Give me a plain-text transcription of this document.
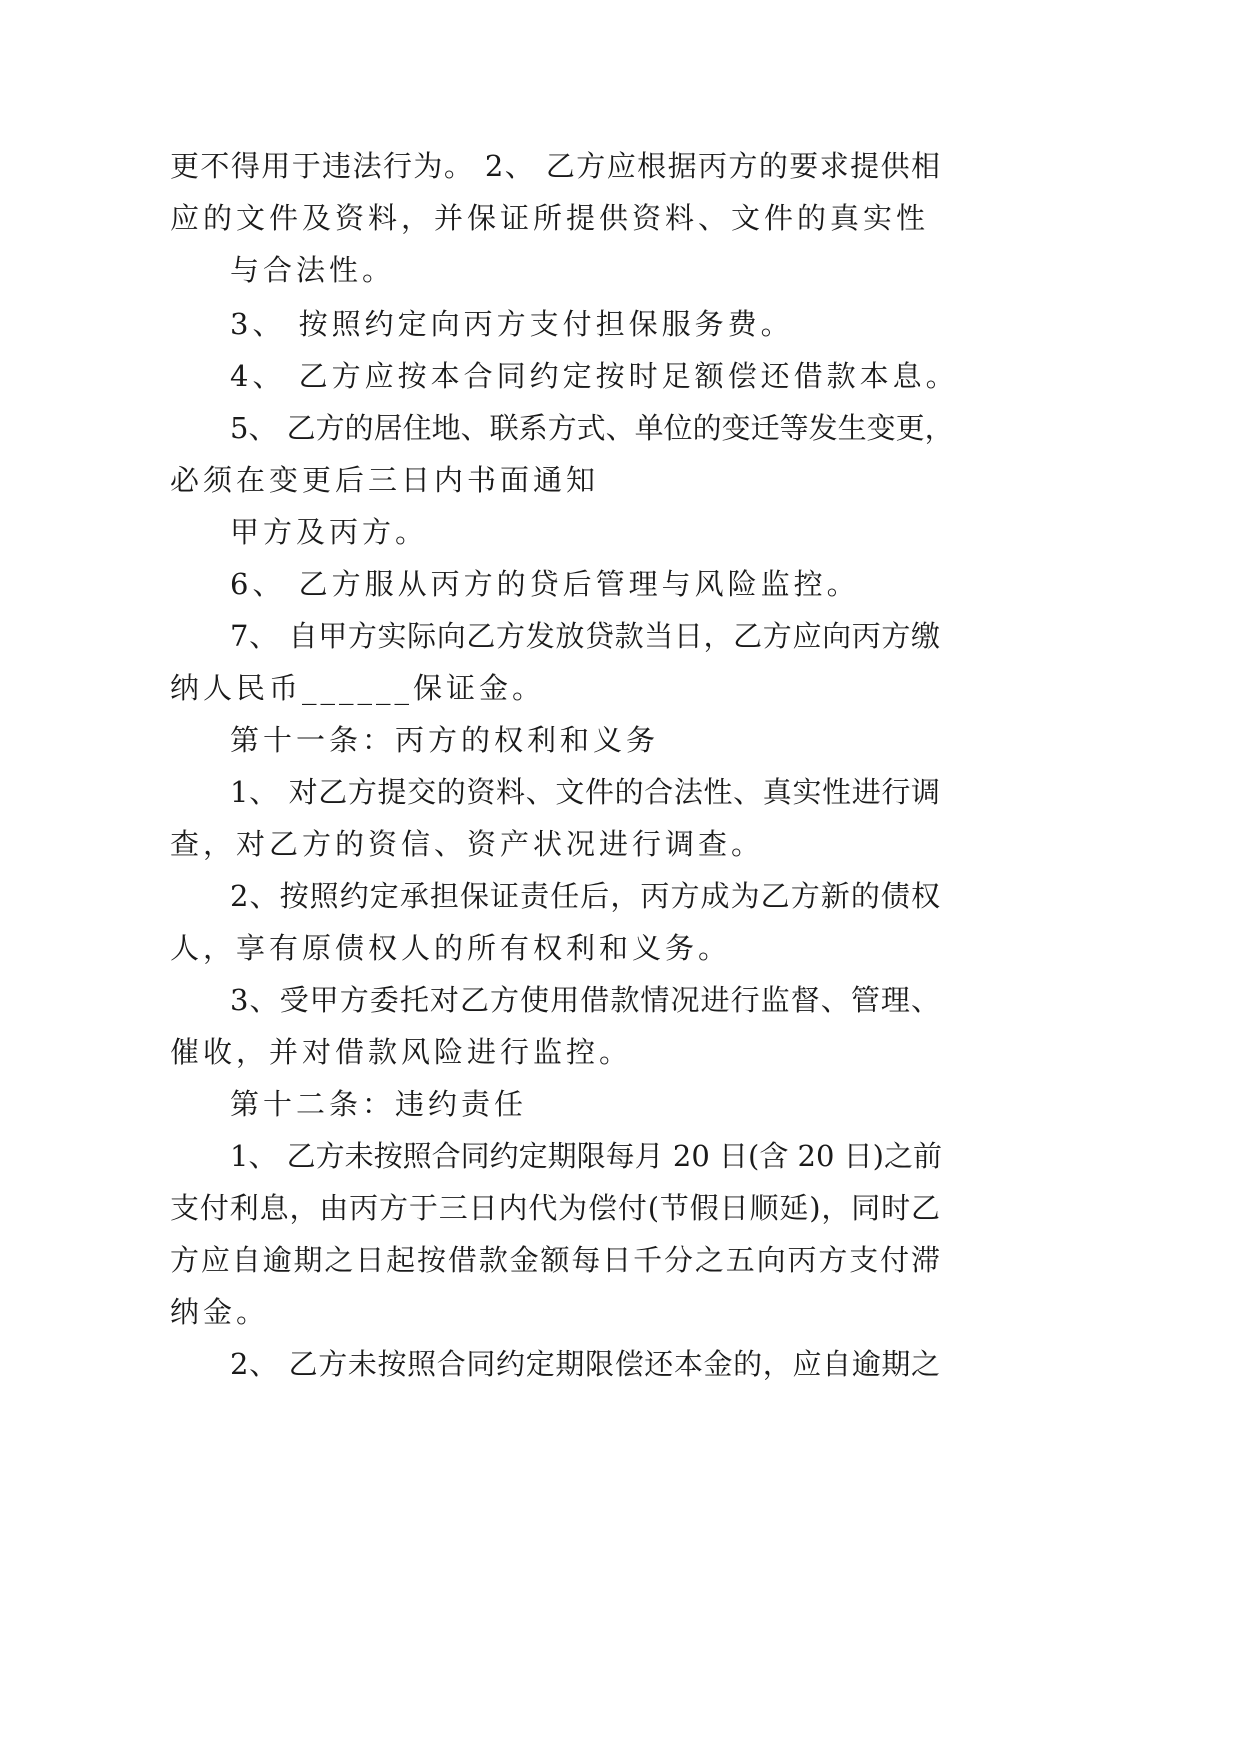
更不得用于违法行为。 2、 乙方应根据丙方的要求提供相
应的文件及资料，并保证所提供资料、文件的真实性
与合法性。
3、 按照约定向丙方支付担保服务费。
4、 乙方应按本合同约定按时足额偿还借款本息。
5、 乙方的居住地、联系方式、单位的变迁等发生变更，
必须在变更后三日内书面通知
甲方及丙方。
6、 乙方服从丙方的贷后管理与风险监控。
7、 自甲方实际向乙方发放贷款当日，乙方应向丙方缴
纳人民币______保证金。
第十一条：丙方的权利和义务
1、 对乙方提交的资料、文件的合法性、真实性进行调
查，对乙方的资信、资产状况进行调查。
2、按照约定承担保证责任后，丙方成为乙方新的债权
人，享有原债权人的所有权利和义务。
3、受甲方委托对乙方使用借款情况进行监督、管理、
催收，并对借款风险进行监控。
第十二条：违约责任
1、 乙方未按照合同约定期限每月 20 日(含 20 日)之前
支付利息，由丙方于三日内代为偿付(节假日顺延)，同时乙
方应自逾期之日起按借款金额每日千分之五向丙方支付滞
纳金。
2、 乙方未按照合同约定期限偿还本金的，应自逾期之
